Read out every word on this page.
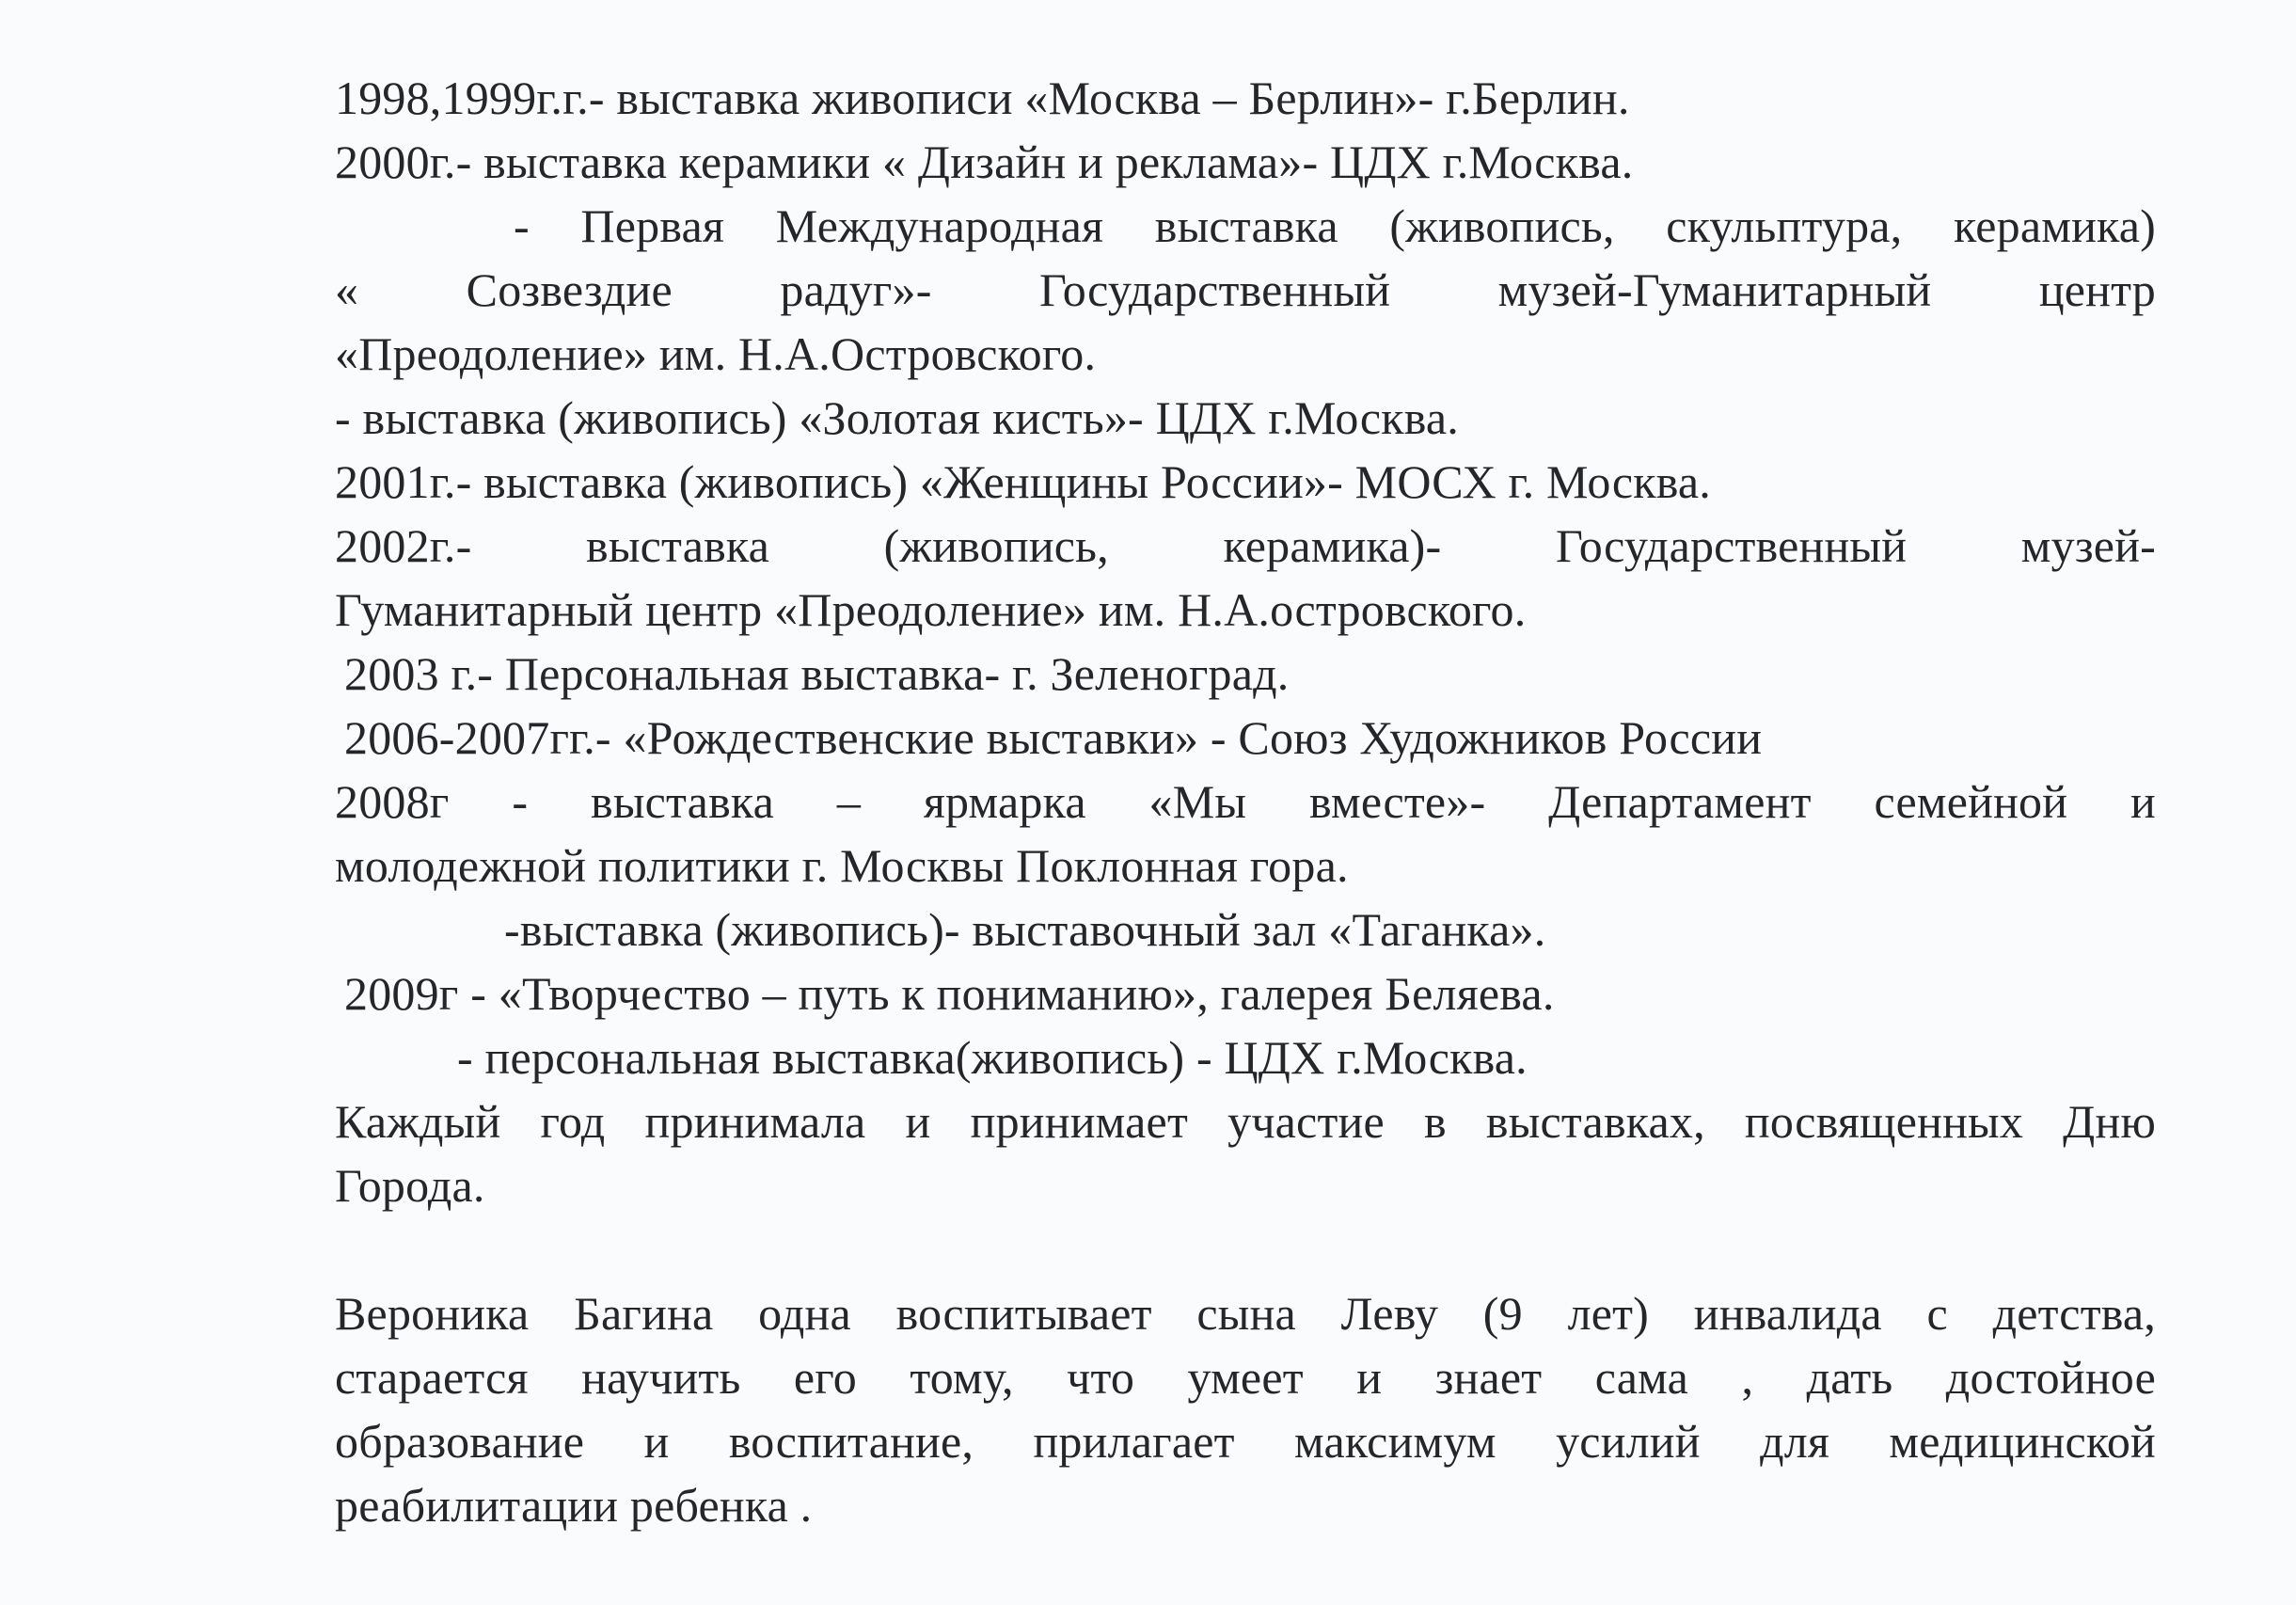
1998,1999г.г.- выставка живописи «Москва – Берлин»- г.Берлин.
2000г.- выставка керамики « Дизайн и реклама»- ЦДХ г.Москва.
- Первая Международная выставка (живопись, скульптура, керамика)
« Созвездие радуг»- Государственный музей-Гуманитарный центр
«Преодоление» им. Н.А.Островского.
- выставка (живопись) «Золотая кисть»- ЦДХ г.Москва.
2001г.- выставка (живопись) «Женщины России»- МОСХ г. Москва.
2002г.- выставка (живопись, керамика)- Государственный музей-
Гуманитарный центр «Преодоление» им. Н.А.островского.
2003 г.- Персональная выставка- г. Зеленоград.
2006-2007гг.- «Рождественские выставки» - Союз Художников России
2008г - выставка – ярмарка «Мы вместе»- Департамент семейной и
молодежной политики г. Москвы Поклонная гора.
-выставка (живопись)- выставочный зал «Таганка».
2009г - «Творчество – путь к пониманию», галерея Беляева.
- персональная выставка(живопись) - ЦДХ г.Москва.
Каждый год принимала и принимает участие в выставках, посвященных Дню
Города.
Вероника Багина одна воспитывает сына Леву (9 лет) инвалида с детства,
старается научить его тому, что умеет и знает сама , дать достойное
образование и воспитание, прилагает максимум усилий для медицинской
реабилитации ребенка .
